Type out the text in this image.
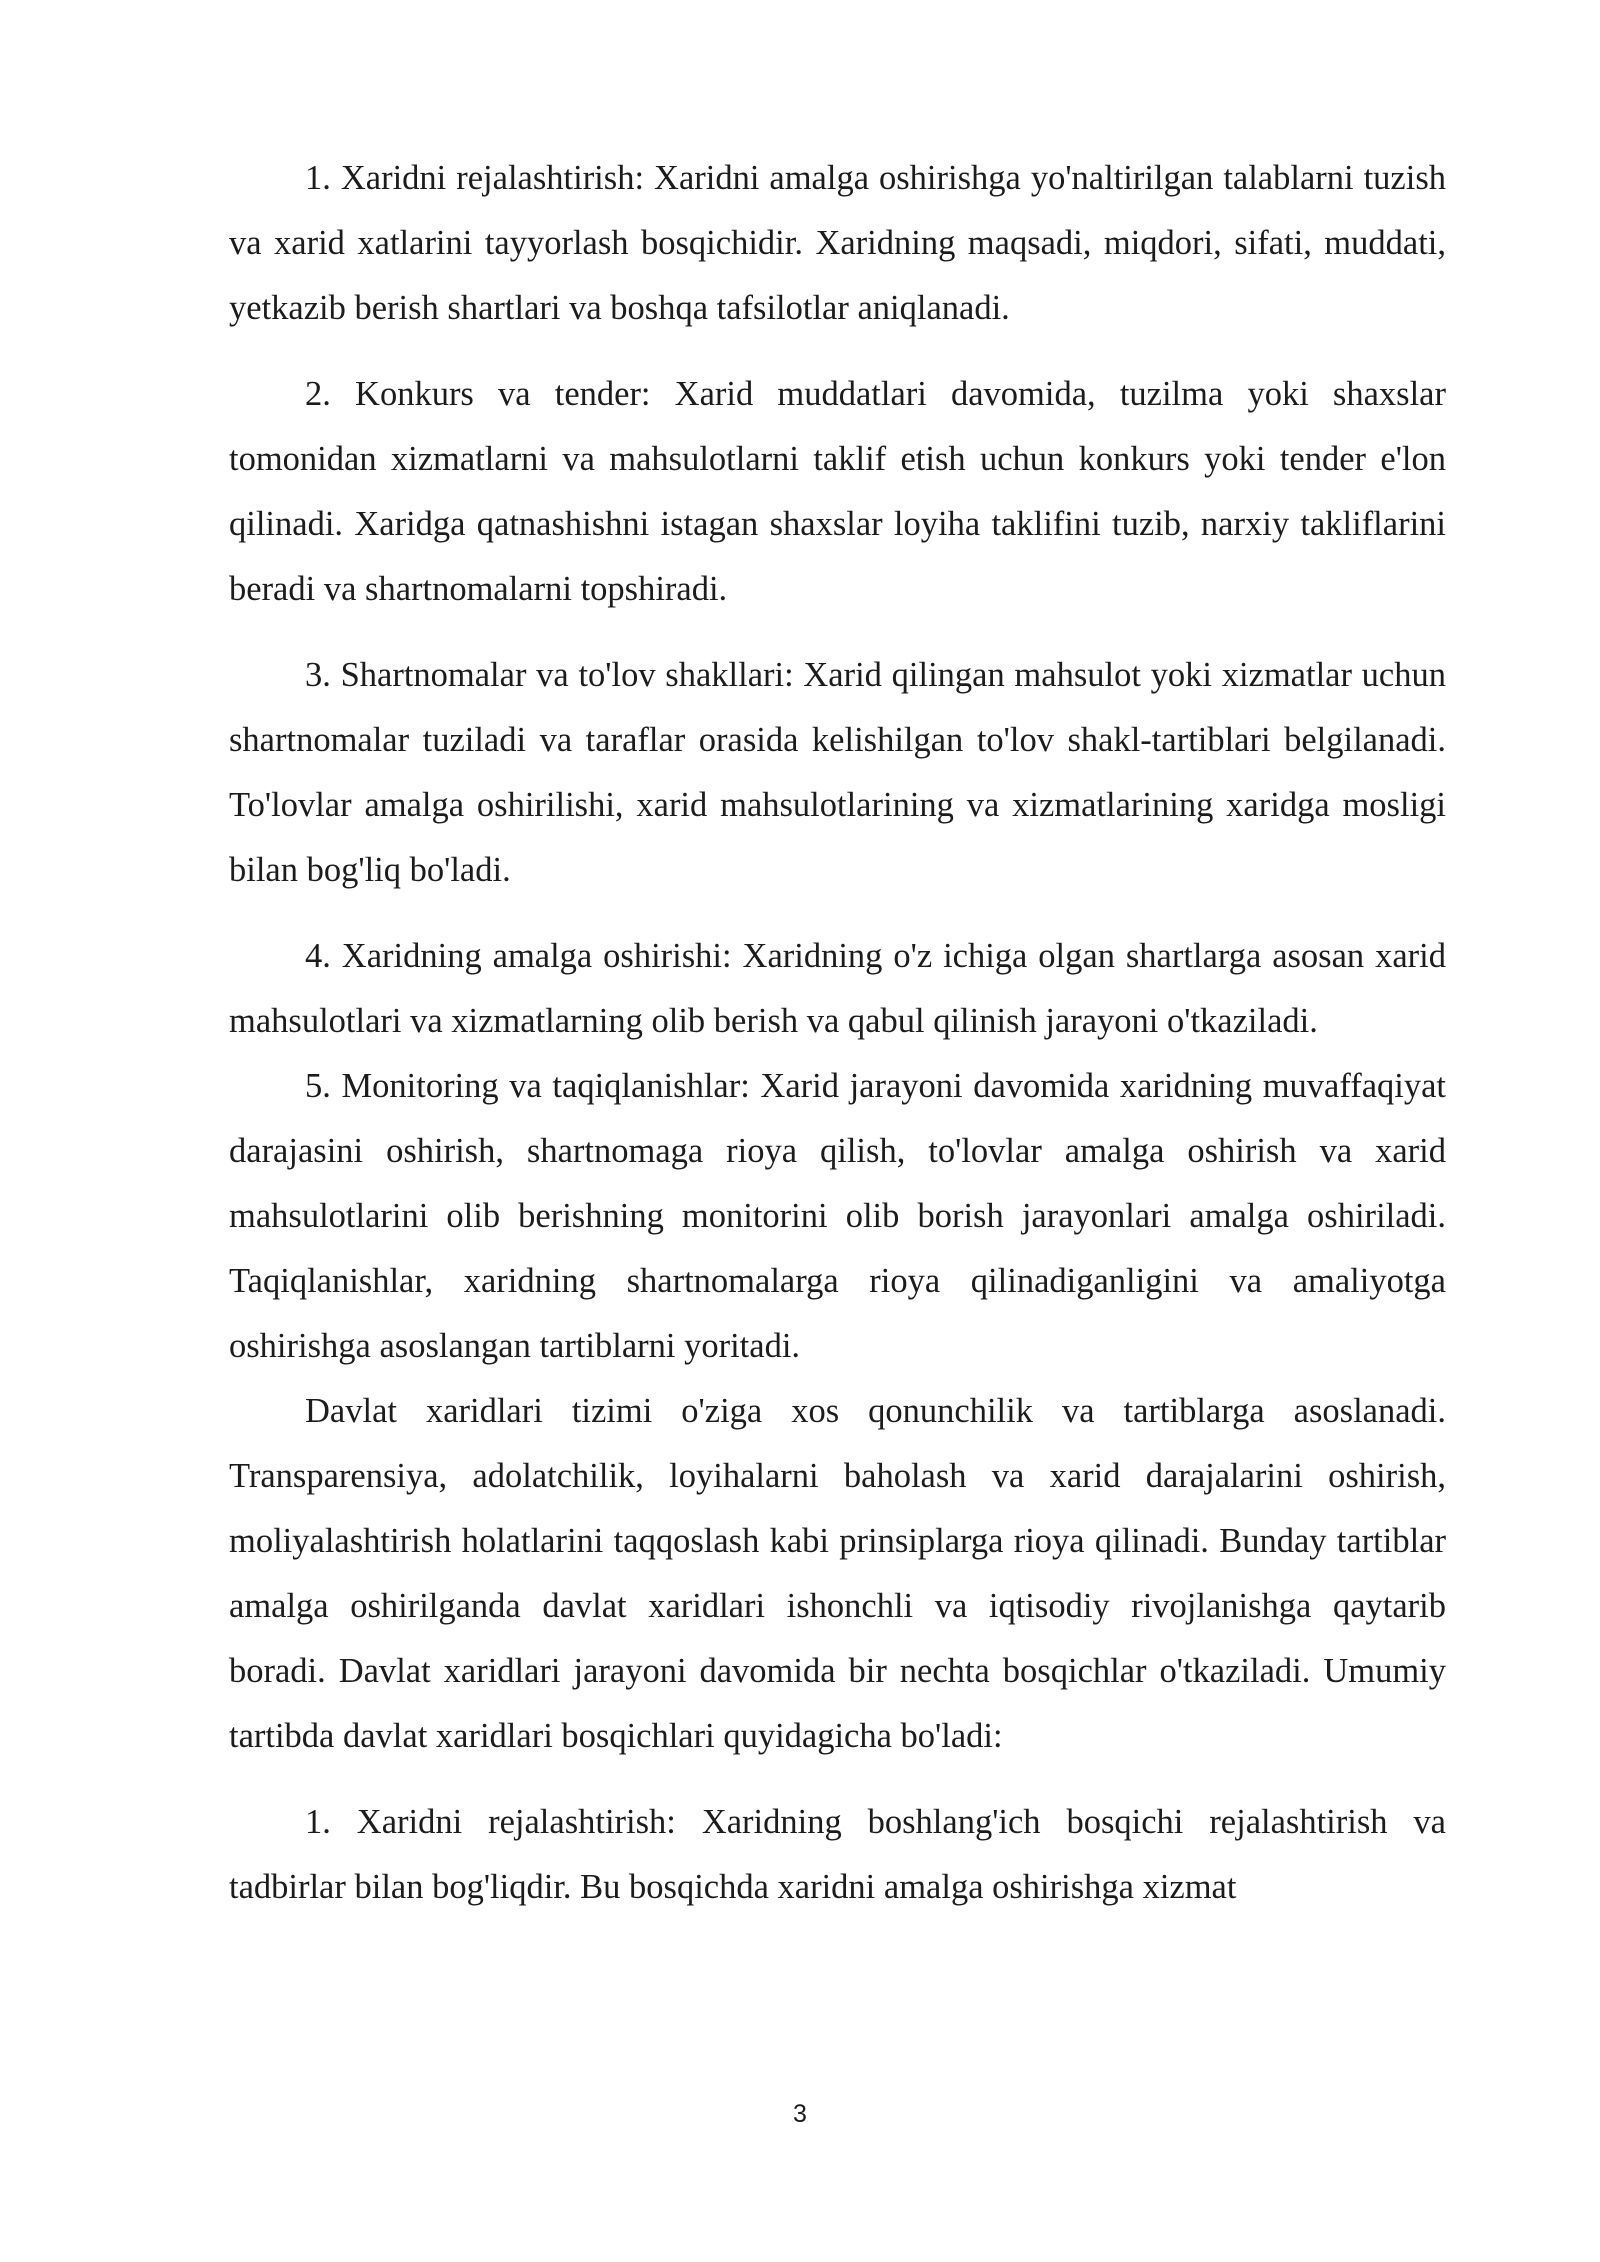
1. Xaridni rejalashtirish: Xaridni amalga oshirishga yo'naltirilgan talablarni tuzish va xarid xatlarini tayyorlash bosqichidir. Xaridning maqsadi, miqdori, sifati, muddati, yetkazib berish shartlari va boshqa tafsilotlar aniqlanadi.

2. Konkurs va tender: Xarid muddatlari davomida, tuzilma yoki shaxslar tomonidan xizmatlarni va mahsulotlarni taklif etish uchun konkurs yoki tender e'lon qilinadi. Xaridga qatnashishni istagan shaxslar loyiha taklifini tuzib, narxiy takliflarini beradi va shartnomalarni topshiradi.

3. Shartnomalar va to'lov shakllari: Xarid qilingan mahsulot yoki xizmatlar uchun shartnomalar tuziladi va taraflar orasida kelishilgan to'lov shakl-tartiblari belgilanadi. To'lovlar amalga oshirilishi, xarid mahsulotlarining va xizmatlarining xaridga mosligi bilan bog'liq bo'ladi.

4. Xaridning amalga oshirishi: Xaridning o'z ichiga olgan shartlarga asosan xarid mahsulotlari va xizmatlarning olib berish va qabul qilinish jarayoni o'tkaziladi.

5. Monitoring va taqiqlanishlar: Xarid jarayoni davomida xaridning muvaffaqiyat darajasini oshirish, shartnomaga rioya qilish, to'lovlar amalga oshirish va xarid mahsulotlarini olib berishning monitorini olib borish jarayonlari amalga oshiriladi. Taqiqlanishlar, xaridning shartnomalarga rioya qilinadiganligini va amaliyotga oshirishga asoslangan tartiblarni yoritadi.

Davlat xaridlari tizimi o'ziga xos qonunchilik va tartiblarga asoslanadi. Transparensiya, adolatchilik, loyihalarni baholash va xarid darajalarini oshirish, moliyalashtirish holatlarini taqqoslash kabi prinsiplarga rioya qilinadi. Bunday tartiblar amalga oshirilganda davlat xaridlari ishonchli va iqtisodiy rivojlanishga qaytarib boradi. Davlat xaridlari jarayoni davomida bir nechta bosqichlar o'tkaziladi. Umumiy tartibda davlat xaridlari bosqichlari quyidagicha bo'ladi:

1. Xaridni rejalashtirish: Xaridning boshlang'ich bosqichi rejalashtirish va tadbirlar bilan bog'liqdir. Bu bosqichda xaridni amalga oshirishga xizmat

3
